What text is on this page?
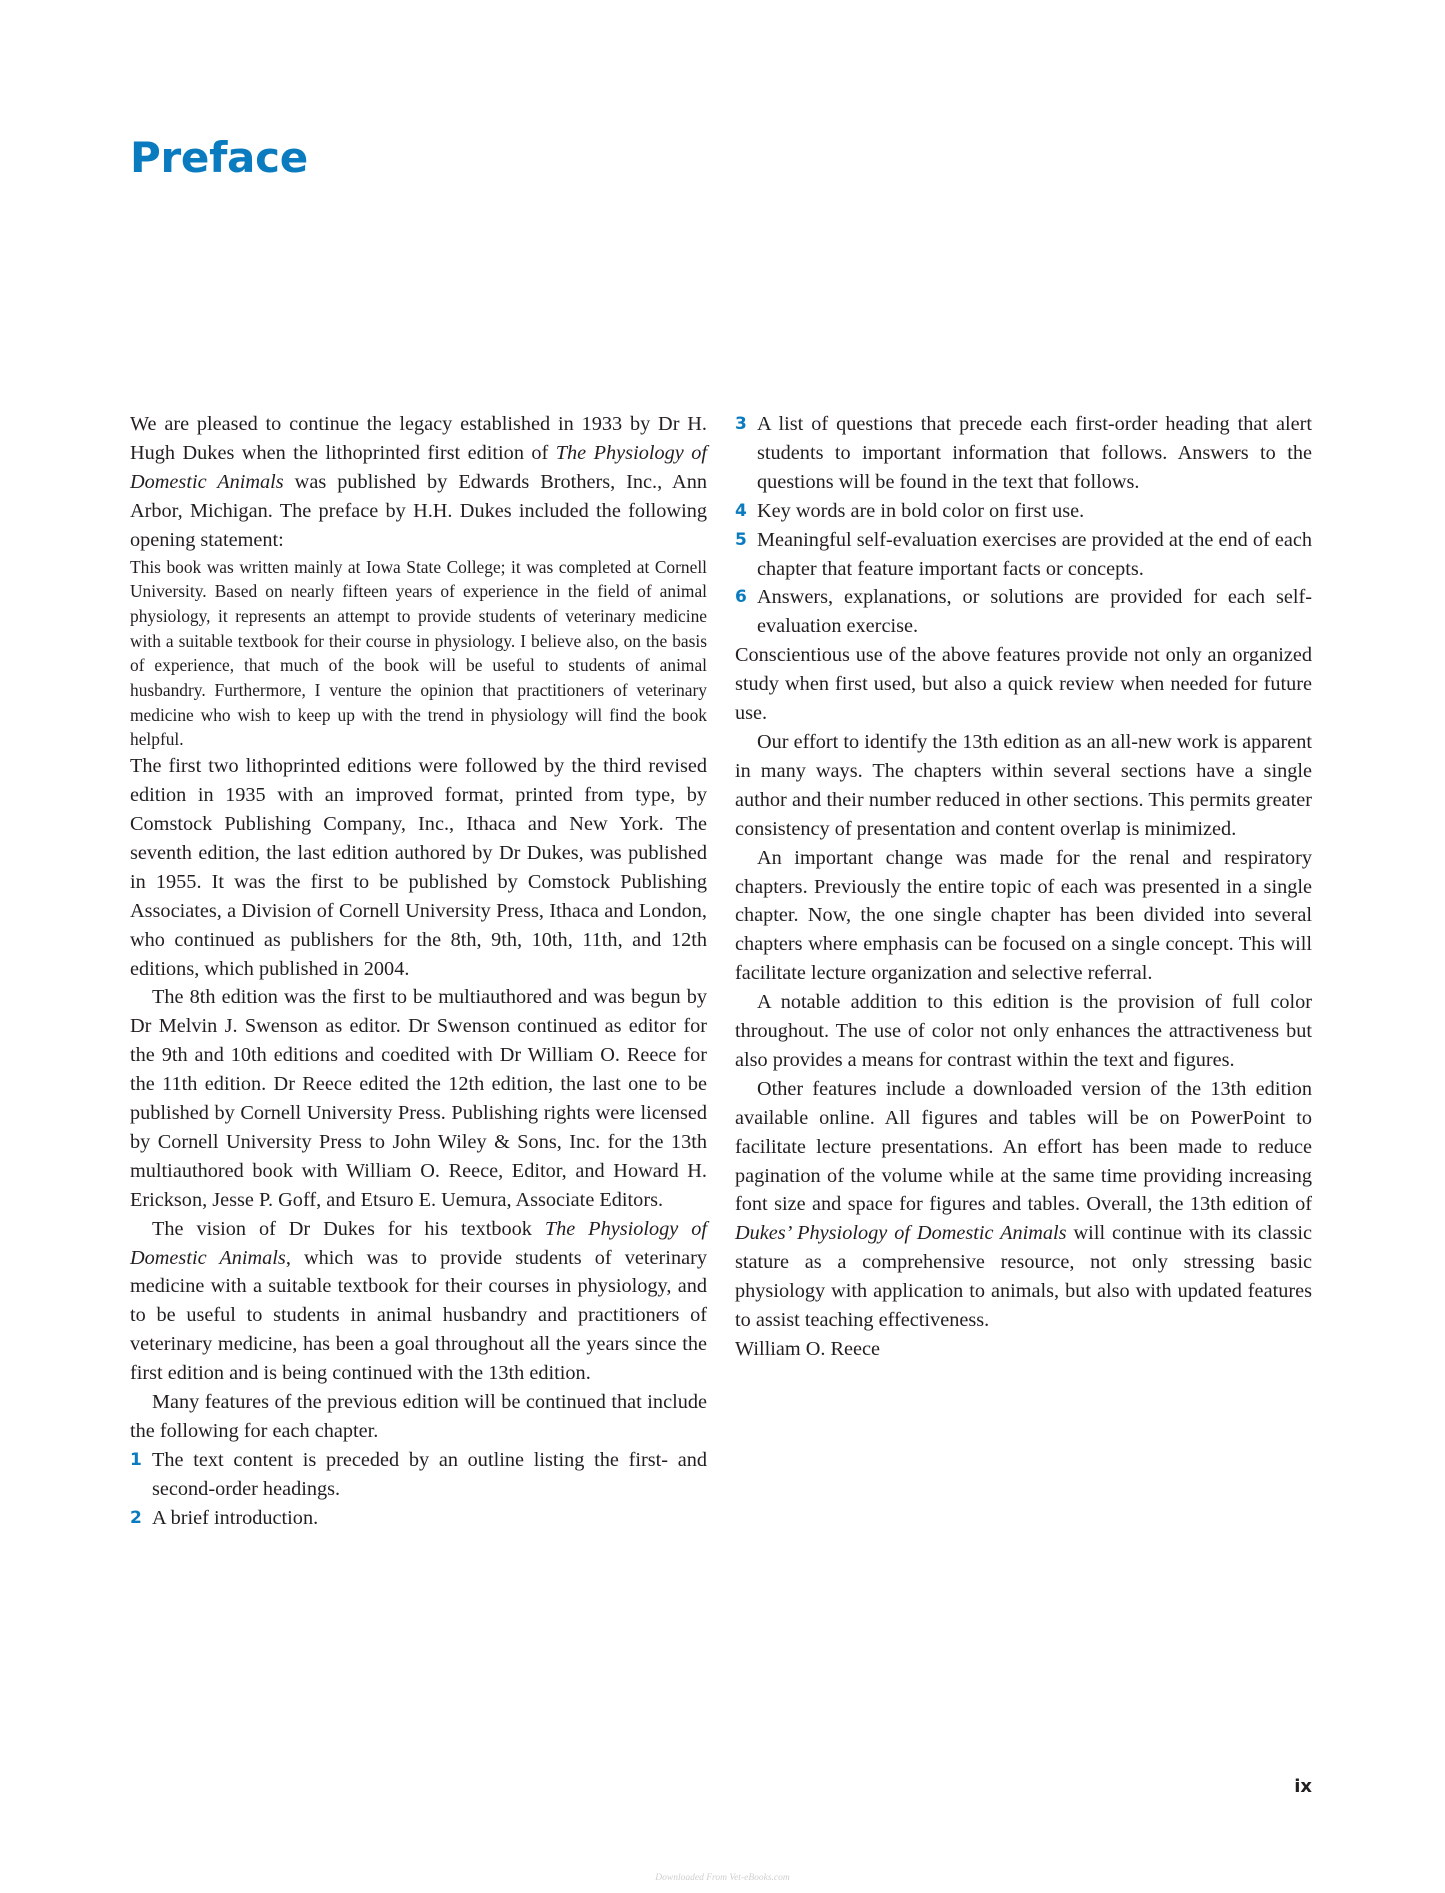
Preface

We are pleased to continue the legacy established in 1933 by Dr H. Hugh Dukes when the lithoprinted first edition of The Physiology of Domestic Animals was published by Edwards Brothers, Inc., Ann Arbor, Michigan. The preface by H.H. Dukes included the following opening statement:

This book was written mainly at Iowa State College; it was completed at Cornell University. Based on nearly fifteen years of experience in the field of animal physiology, it represents an attempt to provide students of veterinary medicine with a suitable textbook for their course in physiology. I believe also, on the basis of experience, that much of the book will be useful to students of animal husbandry. Furthermore, I venture the opinion that practitioners of veterinary medicine who wish to keep up with the trend in physiology will find the book helpful.

The first two lithoprinted editions were followed by the third revised edition in 1935 with an improved format, printed from type, by Comstock Publishing Company, Inc., Ithaca and New York. The seventh edition, the last edition authored by Dr Dukes, was published in 1955. It was the first to be published by Comstock Publishing Associates, a Division of Cornell University Press, Ithaca and London, who continued as publishers for the 8th, 9th, 10th, 11th, and 12th editions, which published in 2004.

The 8th edition was the first to be multiauthored and was begun by Dr Melvin J. Swenson as editor. Dr Swenson continued as editor for the 9th and 10th editions and coedited with Dr William O. Reece for the 11th edition. Dr Reece edited the 12th edition, the last one to be published by Cornell University Press. Publishing rights were licensed by Cornell University Press to John Wiley & Sons, Inc. for the 13th multiauthored book with William O. Reece, Editor, and Howard H. Erickson, Jesse P. Goff, and Etsuro E. Uemura, Associate Editors.

The vision of Dr Dukes for his textbook The Physiology of Domestic Animals, which was to provide students of veterinary medicine with a suitable textbook for their courses in physiology, and to be useful to students in animal husbandry and practitioners of veterinary medicine, has been a goal throughout all the years since the first edition and is being continued with the 13th edition.

Many features of the previous edition will be continued that include the following for each chapter.

1 The text content is preceded by an outline listing the first- and second-order headings.
2 A brief introduction.
3 A list of questions that precede each first-order heading that alert students to important information that follows. Answers to the questions will be found in the text that follows.
4 Key words are in bold color on first use.
5 Meaningful self-evaluation exercises are provided at the end of each chapter that feature important facts or concepts.
6 Answers, explanations, or solutions are provided for each self-evaluation exercise.

Conscientious use of the above features provide not only an organized study when first used, but also a quick review when needed for future use.

Our effort to identify the 13th edition as an all-new work is apparent in many ways. The chapters within several sections have a single author and their number reduced in other sections. This permits greater consistency of presentation and content overlap is minimized.

An important change was made for the renal and respiratory chapters. Previously the entire topic of each was presented in a single chapter. Now, the one single chapter has been divided into several chapters where emphasis can be focused on a single concept. This will facilitate lecture organization and selective referral.

A notable addition to this edition is the provision of full color throughout. The use of color not only enhances the attractiveness but also provides a means for contrast within the text and figures.

Other features include a downloaded version of the 13th edition available online. All figures and tables will be on PowerPoint to facilitate lecture presentations. An effort has been made to reduce pagination of the volume while at the same time providing increasing font size and space for figures and tables. Overall, the 13th edition of Dukes’ Physiology of Domestic Animals will continue with its classic stature as a comprehensive resource, not only stressing basic physiology with application to animals, but also with updated features to assist teaching effectiveness.

William O. Reece

ix
Downloaded From Vet-eBooks.com
